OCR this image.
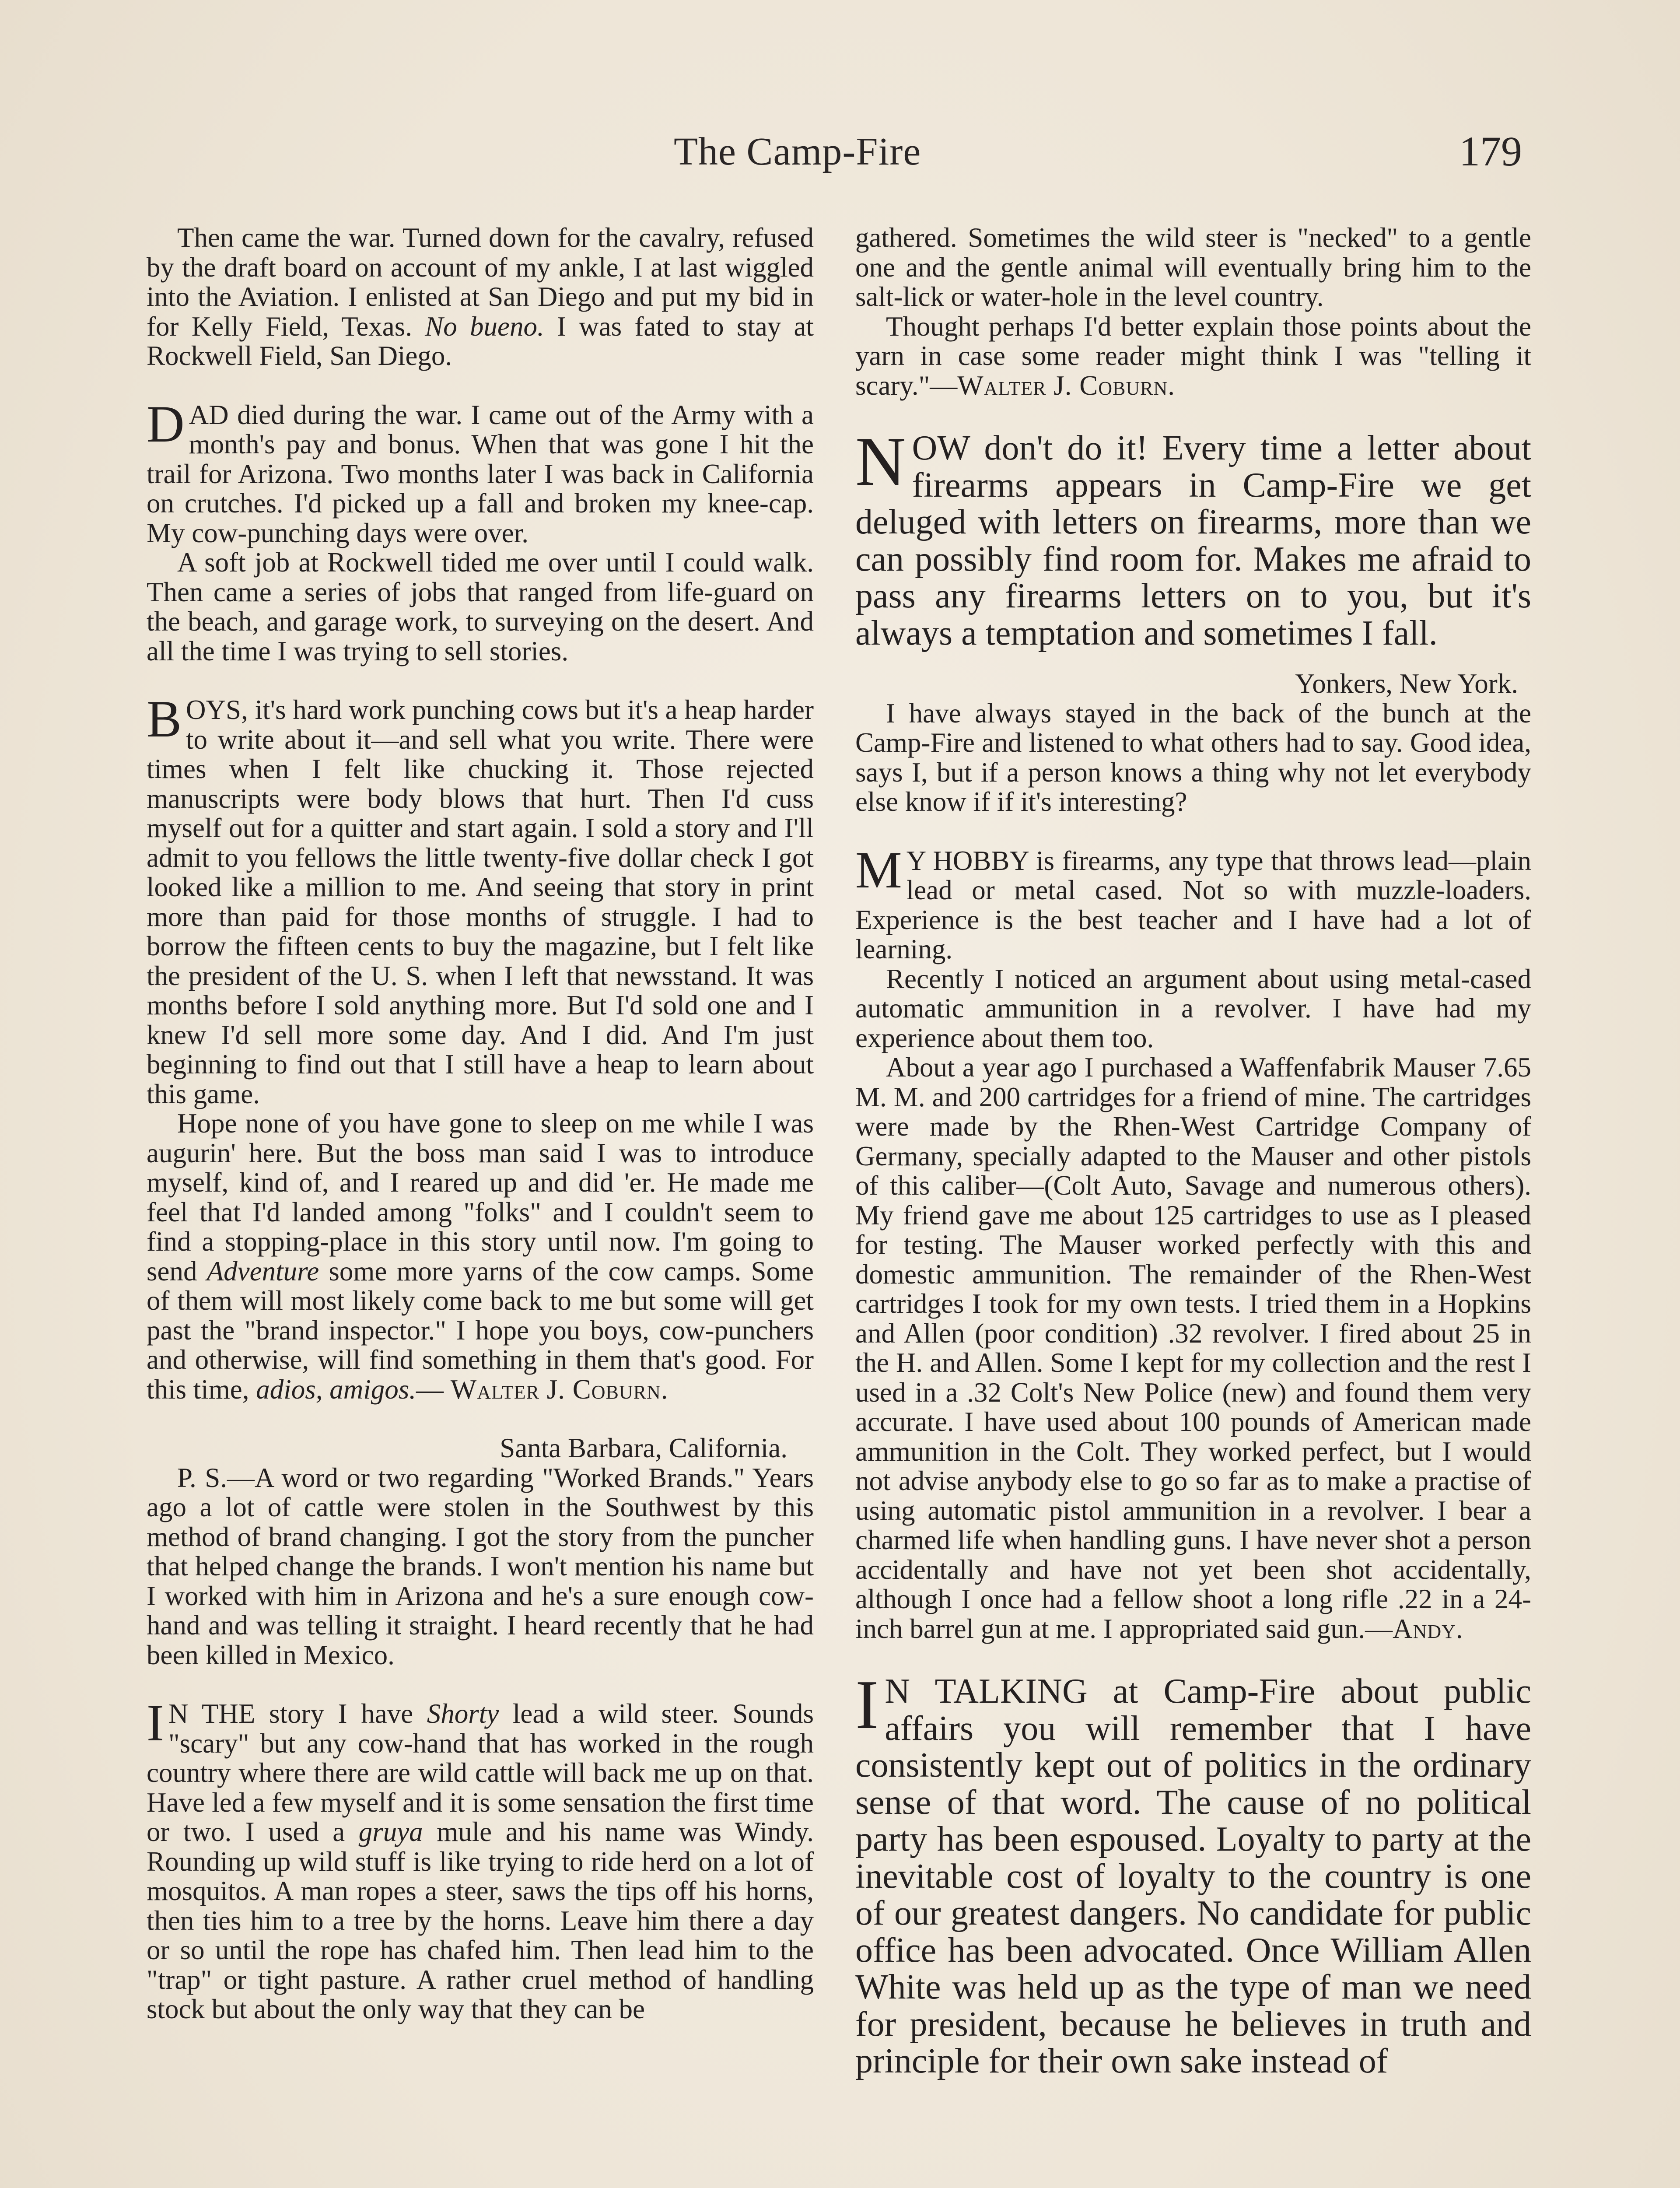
The Camp-Fire	179

Then came the war. Turned down for the cavalry, refused by the draft board on account of my ankle, I at last wiggled into the Aviation. I enlisted at San Diego and put my bid in for Kelly Field, Texas. No bueno. I was fated to stay at Rockwell Field, San Diego.

DAD died during the war. I came out of the Army with a month's pay and bonus. When that was gone I hit the trail for Arizona. Two months later I was back in California on crutches. I'd picked up a fall and broken my knee-cap. My cow-punching days were over.

A soft job at Rockwell tided me over until I could walk. Then came a series of jobs that ranged from life-guard on the beach, and garage work, to surveying on the desert. And all the time I was trying to sell stories.

BOYS, it's hard work punching cows but it's a heap harder to write about it—and sell what you write. There were times when I felt like chucking it. Those rejected manuscripts were body blows that hurt. Then I'd cuss myself out for a quitter and start again. I sold a story and I'll admit to you fellows the little twenty-five dollar check I got looked like a million to me. And seeing that story in print more than paid for those months of struggle. I had to borrow the fifteen cents to buy the magazine, but I felt like the president of the U. S. when I left that newsstand. It was months before I sold anything more. But I'd sold one and I knew I'd sell more some day. And I did. And I'm just beginning to find out that I still have a heap to learn about this game.

Hope none of you have gone to sleep on me while I was augurin' here. But the boss man said I was to introduce myself, kind of, and I reared up and did 'er. He made me feel that I'd landed among "folks" and I couldn't seem to find a stopping-place in this story until now. I'm going to send Adventure some more yarns of the cow camps. Some of them will most likely come back to me but some will get past the "brand inspector." I hope you boys, cow-punchers and otherwise, will find something in them that's good. For this time, adios, amigos.— Walter J. Coburn.

Santa Barbara, California.

P. S.—A word or two regarding "Worked Brands." Years ago a lot of cattle were stolen in the Southwest by this method of brand changing. I got the story from the puncher that helped change the brands. I won't mention his name but I worked with him in Arizona and he's a sure enough cow-hand and was telling it straight. I heard recently that he had been killed in Mexico.

I N THE story I have Shorty lead a wild steer. Sounds "scary" but any cow-hand that has worked in the rough country where there are wild cattle will back me up on that. Have led a few myself and it is some sensation the first time or two. I used a gruya mule and his name was Windy. Rounding up wild stuff is like trying to ride herd on a lot of mosquitos. A man ropes a steer, saws the tips off his horns, then ties him to a tree by the horns. Leave him there a day or so until the rope has chafed him. Then lead him to the "trap" or tight pasture. A rather cruel method of handling stock but about the only way that they can be

gathered. Sometimes the wild steer is "necked" to a gentle one and the gentle animal will eventually bring him to the salt-lick or water-hole in the level country.

Thought perhaps I'd better explain those points about the yarn in case some reader might think I was "telling it scary."—Walter J. Coburn.

NOW don't do it! Every time a letter about firearms appears in Camp-Fire we get deluged with letters on firearms, more than we can possibly find room for. Makes me afraid to pass any firearms letters on to you, but it's always a temptation and sometimes I fall.

Yonkers, New York.

I have always stayed in the back of the bunch at the Camp-Fire and listened to what others had to say. Good idea, says I, but if a person knows a thing why not let everybody else know if if it's interesting?

M Y HOBBY is firearms, any type that throws lead—plain lead or metal cased. Not so with muzzle-loaders. Experience is the best teacher and I have had a lot of learning.

Recently I noticed an argument about using metal-cased automatic ammunition in a revolver. I have had my experience about them too.

About a year ago I purchased a Waffenfabrik Mauser 7.65 M. M. and 200 cartridges for a friend of mine. The cartridges were made by the Rhen-West Cartridge Company of Germany, specially adapted to the Mauser and other pistols of this caliber—(Colt Auto, Savage and numerous others). My friend gave me about 125 cartridges to use as I pleased for testing. The Mauser worked perfectly with this and domestic ammunition. The remainder of the Rhen-West cartridges I took for my own tests. I tried them in a Hopkins and Allen (poor condition) .32 revolver. I fired about 25 in the H. and Allen. Some I kept for my collection and the rest I used in a .32 Colt's New Police (new) and found them very accurate. I have used about 100 pounds of American made ammunition in the Colt. They worked perfect, but I would not advise anybody else to go so far as to make a practise of using automatic pistol ammunition in a revolver. I bear a charmed life when handling guns. I have never shot a person accidentally and have not yet been shot accidentally, although I once had a fellow shoot a long rifle .22 in a 24-inch barrel gun at me. I appropriated said gun.—Andy.

I N TALKING at Camp-Fire about public affairs you will remember that I have consistently kept out of politics in the ordinary sense of that word. The cause of no political party has been espoused. Loyalty to party at the inevitable cost of loyalty to the country is one of our greatest dangers. No candidate for public office has been advocated. Once William Allen White was held up as the type of man we need for president, because he believes in truth and principle for their own sake instead of
